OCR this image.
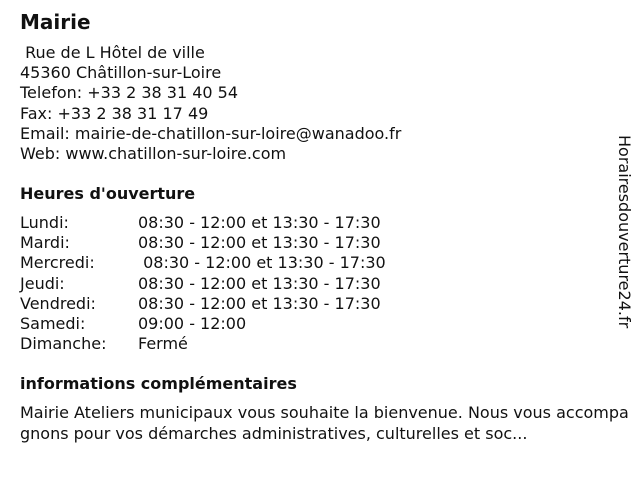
Mairie
Rue de L Hôtel de ville
45360 Châtillon-sur-Loire
Telefon: +33 2 38 31 40 54
Fax: +33 2 38 31 17 49
Email: mairie-de-chatillon-sur-loire@wanadoo.fr
Web: www.chatillon-sur-loire.com
Heures d'ouverture
Lundi:	08:30 - 12:00 et 13:30 - 17:30
Mardi:	08:30 - 12:00 et 13:30 - 17:30
Mercredi:	08:30 - 12:00 et 13:30 - 17:30
Jeudi:	08:30 - 12:00 et 13:30 - 17:30
Vendredi:	08:30 - 12:00 et 13:30 - 17:30
Samedi:	09:00 - 12:00
Dimanche: Fermé
informations complémentaires
Mairie Ateliers municipaux vous souhaite la bienvenue. Nous vous accompagnons pour vos démarches administratives, culturelles et soc...
Horairesdouverture24.fr
